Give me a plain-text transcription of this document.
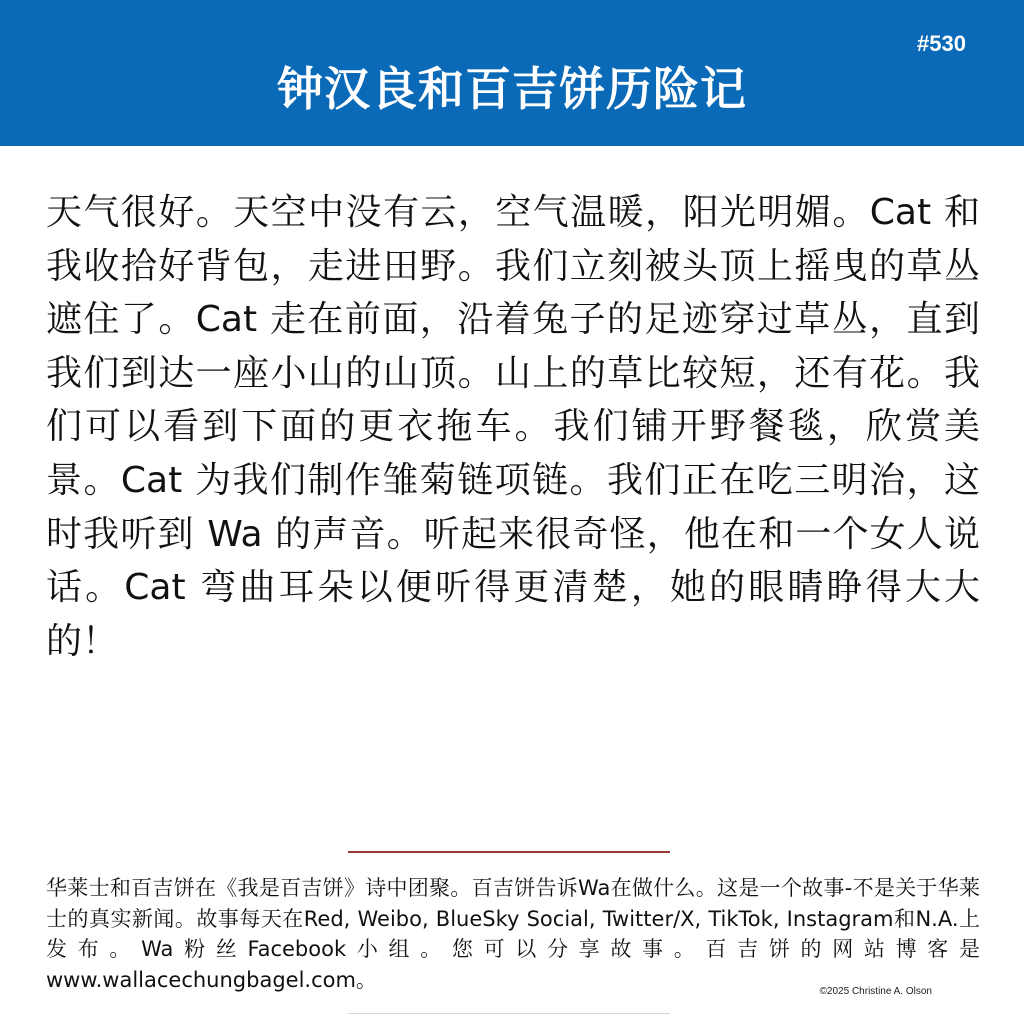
钟汉良和百吉饼历险记
#530

天气很好。天空中没有云，空气温暖，阳光明媚。Cat 和我收拾好背包，走进田野。我们立刻被头顶上摇曳的草丛遮住了。Cat 走在前面，沿着兔子的足迹穿过草丛，直到我们到达一座小山的山顶。山上的草比较短，还有花。我们可以看到下面的更衣拖车。我们铺开野餐毯，欣赏美景。Cat 为我们制作雏菊链项链。我们正在吃三明治，这时我听到 Wa 的声音。听起来很奇怪，他在和一个女人说话。Cat 弯曲耳朵以便听得更清楚，她的眼睛睁得大大的！

华莱士和百吉饼在《我是百吉饼》诗中团聚。百吉饼告诉Wa在做什么。这是一个故事-不是关于华莱士的真实新闻。故事每天在Red, Weibo, BlueSky Social, Twitter/X, TikTok, Instagram和N.A.上发布。Wa粉丝Facebook小组。您可以分享故事。百吉饼的网站博客是www.wallacechungbagel.com。	©2025 Christine A. Olson
